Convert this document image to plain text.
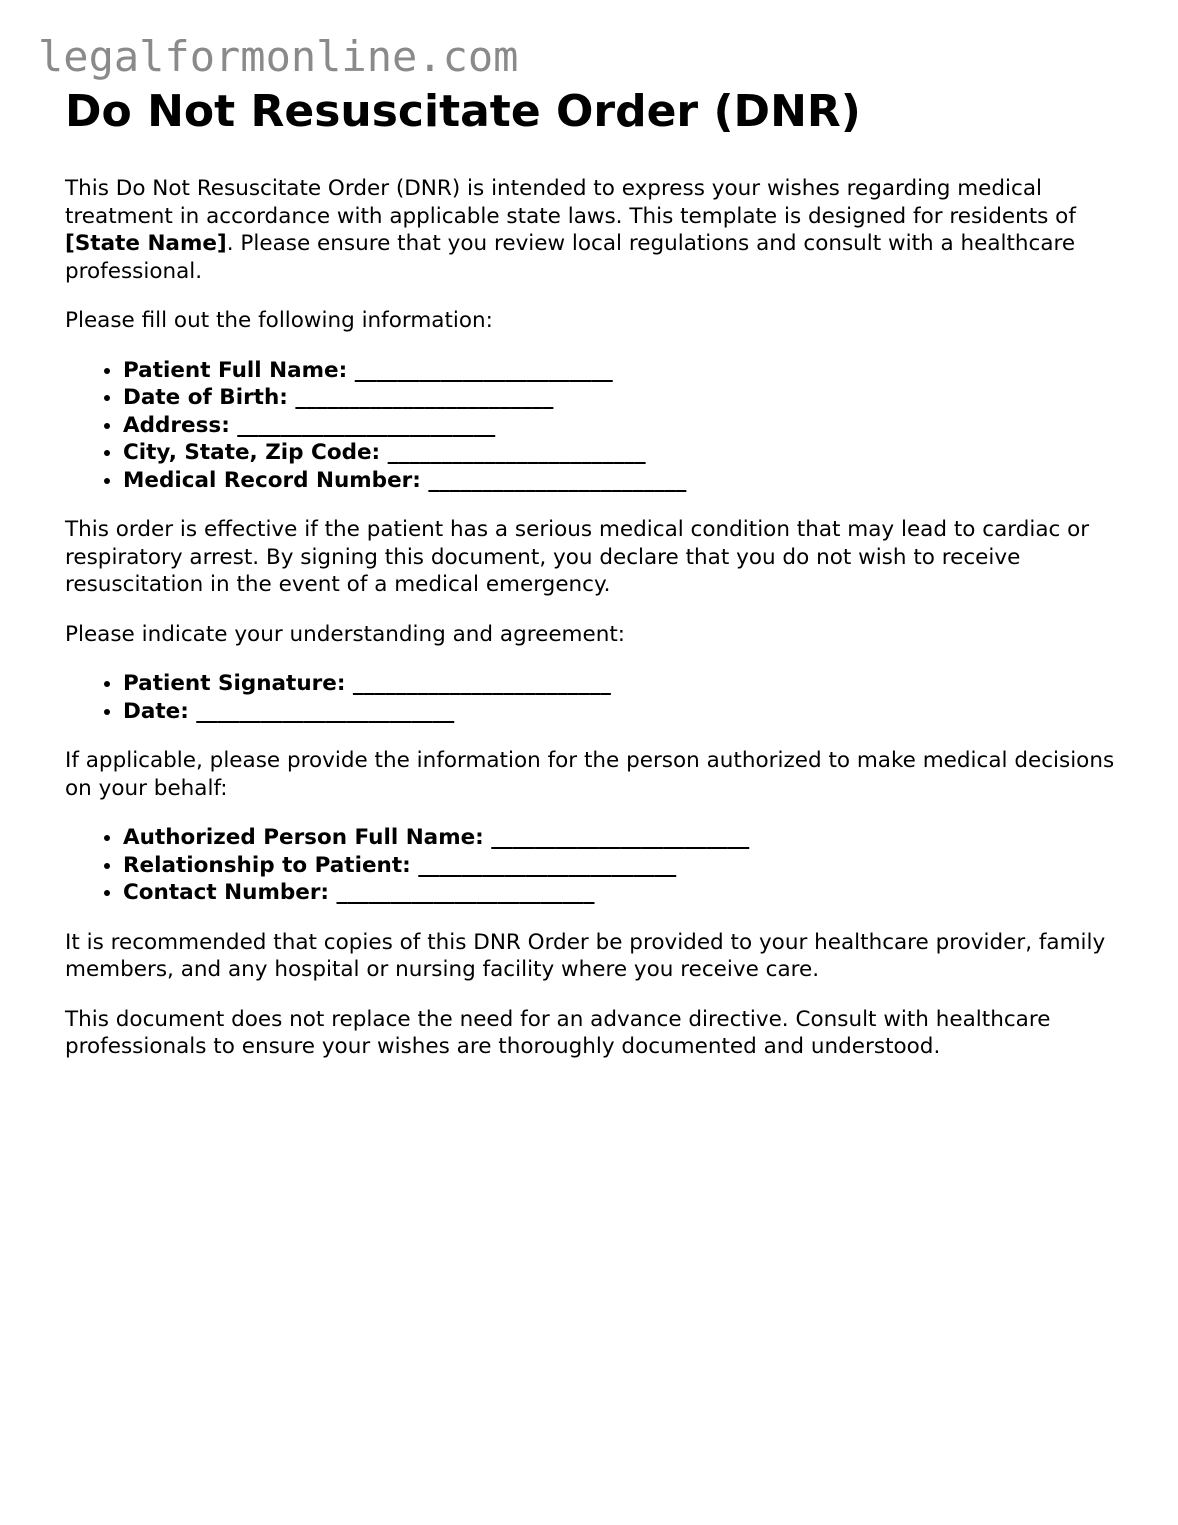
legalformonline.com
Do Not Resuscitate Order (DNR)

This Do Not Resuscitate Order (DNR) is intended to express your wishes regarding medical treatment in accordance with applicable state laws. This template is designed for residents of [State Name]. Please ensure that you review local regulations and consult with a healthcare professional.

Please fill out the following information:

• Patient Full Name: ________________________
• Date of Birth: ________________________
• Address: ________________________
• City, State, Zip Code: ________________________
• Medical Record Number: ________________________

This order is effective if the patient has a serious medical condition that may lead to cardiac or respiratory arrest. By signing this document, you declare that you do not wish to receive resuscitation in the event of a medical emergency.

Please indicate your understanding and agreement:

• Patient Signature: ________________________
• Date: ________________________

If applicable, please provide the information for the person authorized to make medical decisions on your behalf:

• Authorized Person Full Name: ________________________
• Relationship to Patient: ________________________
• Contact Number: ________________________

It is recommended that copies of this DNR Order be provided to your healthcare provider, family members, and any hospital or nursing facility where you receive care.

This document does not replace the need for an advance directive. Consult with healthcare professionals to ensure your wishes are thoroughly documented and understood.
